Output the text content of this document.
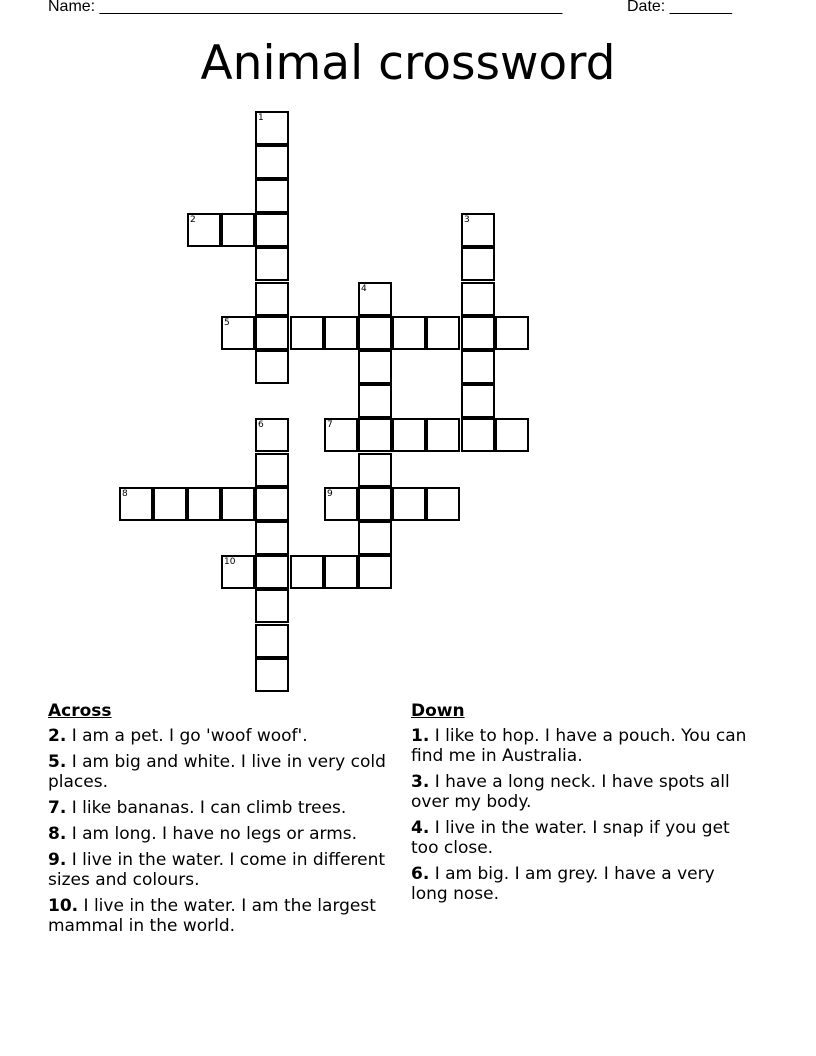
Name: ____________________________________________________	Date: _______
Animal crossword
1
2	3
4
5
6	7
8	9
10
Across
2. I am a pet. I go 'woof woof'.
5. I am big and white. I live in very cold places.
7. I like bananas. I can climb trees.
8. I am long. I have no legs or arms.
9. I live in the water. I come in different sizes and colours.
10. I live in the water. I am the largest mammal in the world.
Down
1. I like to hop. I have a pouch. You can find me in Australia.
3. I have a long neck. I have spots all over my body.
4. I live in the water. I snap if you get too close.
6. I am big. I am grey. I have a very long nose.
